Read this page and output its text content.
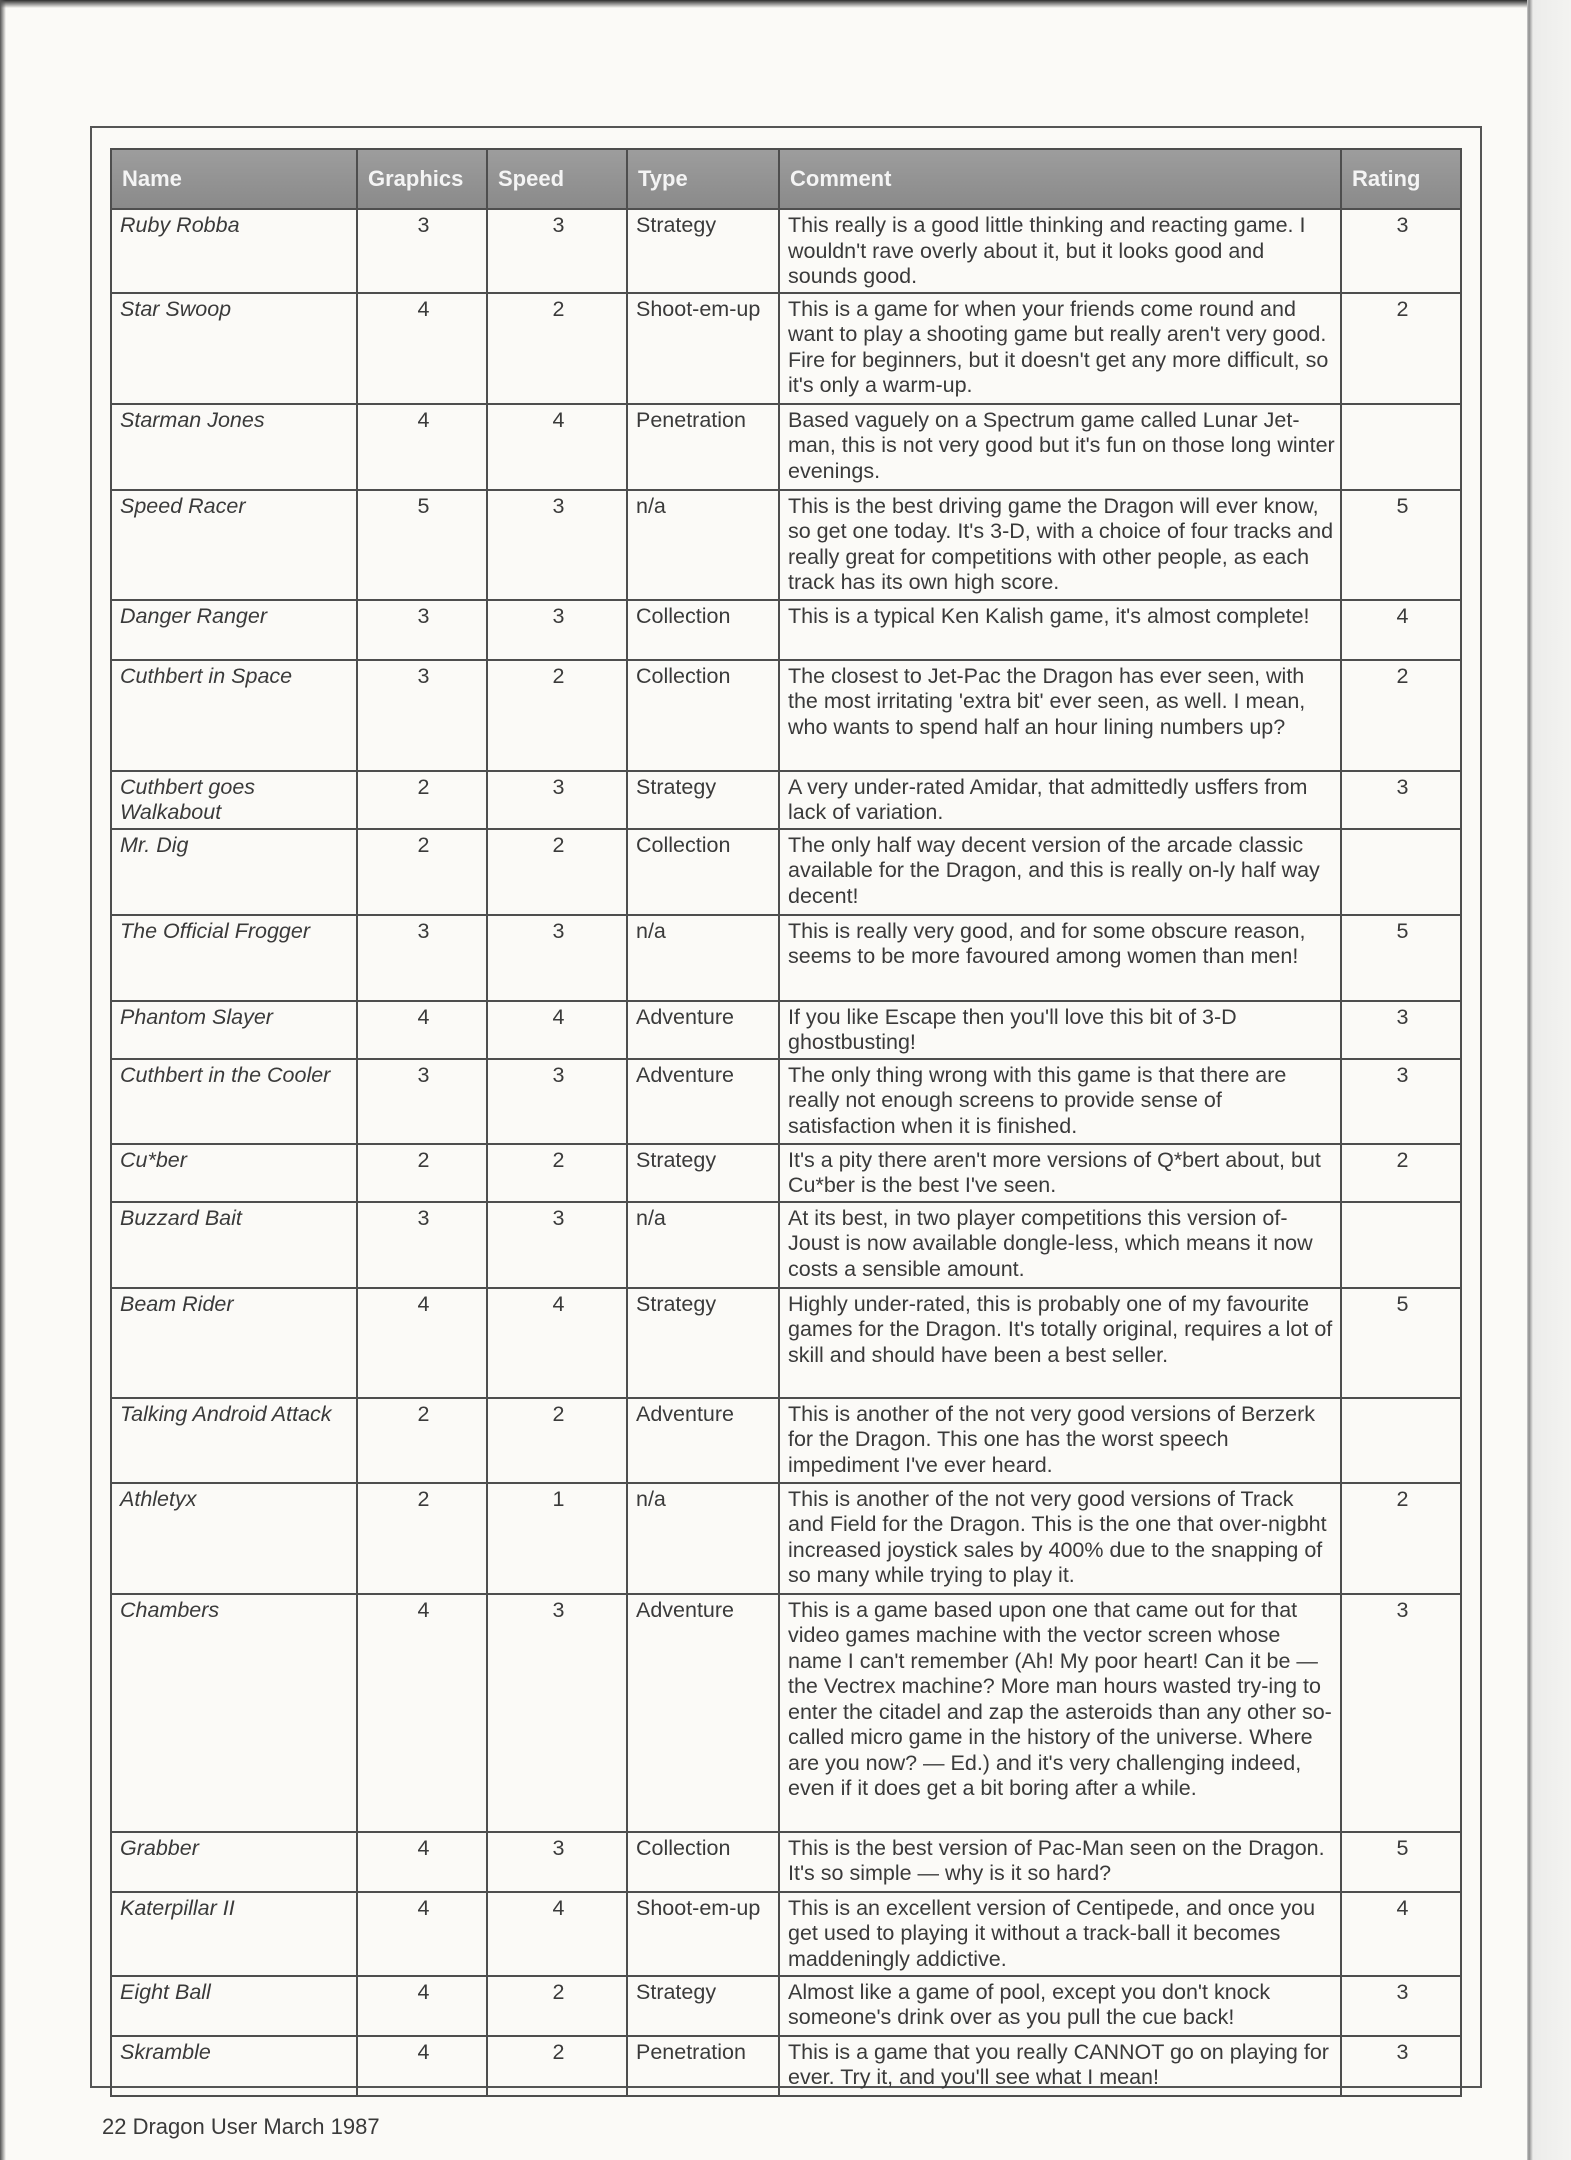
Name	Graphics	Speed	Type	Comment	Rating
Ruby Robba	3	3	Strategy	This really is a good little thinking and reacting game. I wouldn't rave overly about it, but it looks good and sounds good.	3
Star Swoop	4	2	Shoot-em-up	This is a game for when your friends come round and want to play a shooting game but really aren't very good. Fire for beginners, but it doesn't get any more difficult, so it's only a warm-up.	2
Starman Jones	4	4	Penetration	Based vaguely on a Spectrum game called Lunar Jet-man, this is not very good but it's fun on those long winter evenings.	
Speed Racer	5	3	n/a	This is the best driving game the Dragon will ever know, so get one today. It's 3-D, with a choice of four tracks and really great for competitions with other people, as each track has its own high score.	5
Danger Ranger	3	3	Collection	This is a typical Ken Kalish game, it's almost complete!	4
Cuthbert in Space	3	2	Collection	The closest to Jet-Pac the Dragon has ever seen, with the most irritating 'extra bit' ever seen, as well. I mean, who wants to spend half an hour lining numbers up?	2
Cuthbert goes Walkabout	2	3	Strategy	A very under-rated Amidar, that admittedly usffers from lack of variation.	3
Mr. Dig	2	2	Collection	The only half way decent version of the arcade classic available for the Dragon, and this is really on-ly half way decent!	
The Official Frogger	3	3	n/a	This is really very good, and for some obscure reason, seems to be more favoured among women than men!	5
Phantom Slayer	4	4	Adventure	If you like Escape then you'll love this bit of 3-D ghostbusting!	3
Cuthbert in the Cooler	3	3	Adventure	The only thing wrong with this game is that there are really not enough screens to provide sense of satisfaction when it is finished.	3
Cu*ber	2	2	Strategy	It's a pity there aren't more versions of Q*bert about, but Cu*ber is the best I've seen.	2
Buzzard Bait	3	3	n/a	At its best, in two player competitions this version of-Joust is now available dongle-less, which means it now costs a sensible amount.	
Beam Rider	4	4	Strategy	Highly under-rated, this is probably one of my favourite games for the Dragon. It's totally original, requires a lot of skill and should have been a best seller.	5
Talking Android Attack	2	2	Adventure	This is another of the not very good versions of Berzerk for the Dragon. This one has the worst speech impediment I've ever heard.	
Athletyx	2	1	n/a	This is another of the not very good versions of Track and Field for the Dragon. This is the one that over-nigbht increased joystick sales by 400% due to the snapping of so many while trying to play it.	2
Chambers	4	3	Adventure	This is a game based upon one that came out for that video games machine with the vector screen whose name I can't remember (Ah! My poor heart! Can it be — the Vectrex machine? More man hours wasted try-ing to enter the citadel and zap the asteroids than any other so-called micro game in the history of the universe. Where are you now? — Ed.) and it's very challenging indeed, even if it does get a bit boring after a while.	3
Grabber	4	3	Collection	This is the best version of Pac-Man seen on the Dragon. It's so simple — why is it so hard?	5
Katerpillar II	4	4	Shoot-em-up	This is an excellent version of Centipede, and once you get used to playing it without a track-ball it becomes maddeningly addictive.	4
Eight Ball	4	2	Strategy	Almost like a game of pool, except you don't knock someone's drink over as you pull the cue back!	3
Skramble	4	2	Penetration	This is a game that you really CANNOT go on playing for ever. Try it, and you'll see what I mean!	3
22 Dragon User March 1987
